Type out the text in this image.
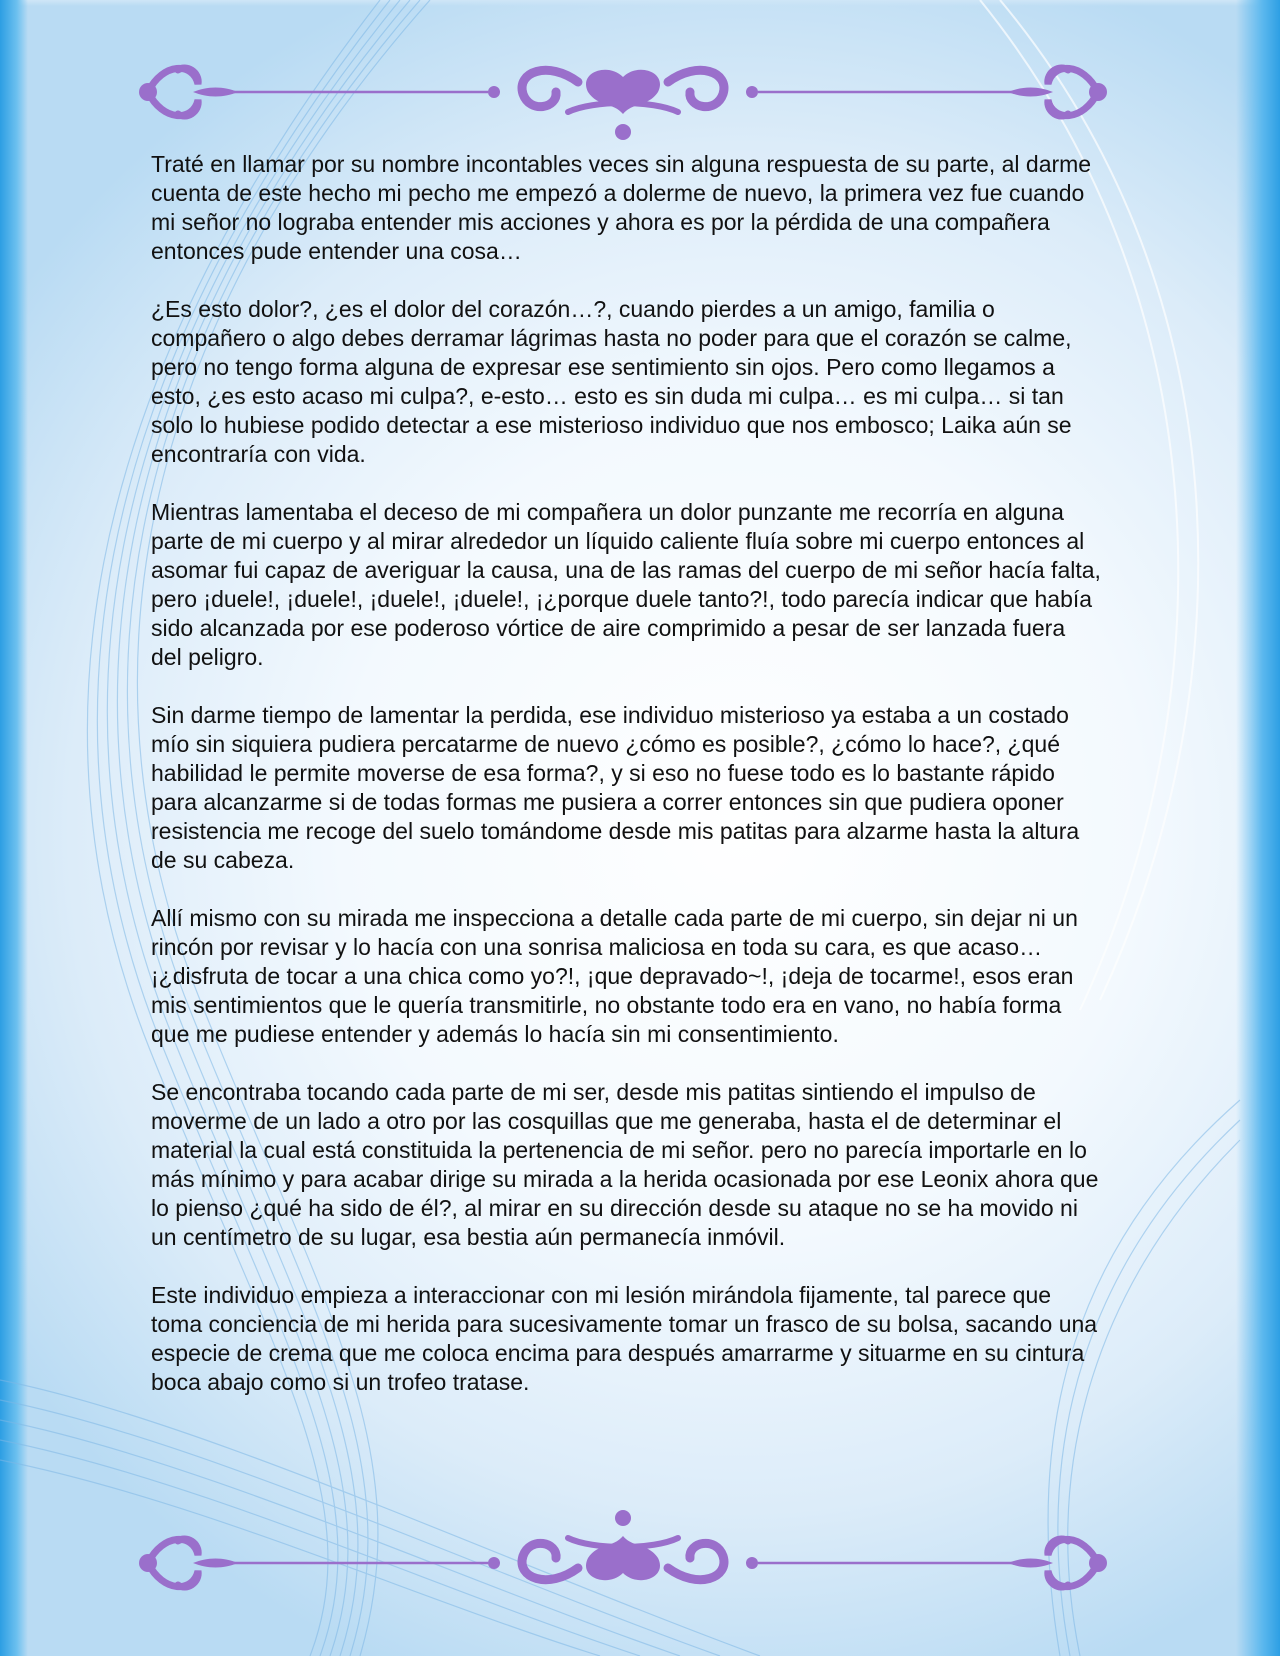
Traté en llamar por su nombre incontables veces sin alguna respuesta de su parte, al darme cuenta de este hecho mi pecho me empezó a dolerme de nuevo, la primera vez fue cuando mi señor no lograba entender mis acciones y ahora es por la pérdida de una compañera entonces pude entender una cosa…

¿Es esto dolor?, ¿es el dolor del corazón…?, cuando pierdes a un amigo, familia o compañero o algo debes derramar lágrimas hasta no poder para que el corazón se calme, pero no tengo forma alguna de expresar ese sentimiento sin ojos. Pero como llegamos a esto, ¿es esto acaso mi culpa?, e-esto… esto es sin duda mi culpa… es mi culpa… si tan solo lo hubiese podido detectar a ese misterioso individuo que nos embosco; Laika aún se encontraría con vida.

Mientras lamentaba el deceso de mi compañera un dolor punzante me recorría en alguna parte de mi cuerpo y al mirar alrededor un líquido caliente fluía sobre mi cuerpo entonces al asomar fui capaz de averiguar la causa, una de las ramas del cuerpo de mi señor hacía falta, pero ¡duele!, ¡duele!, ¡duele!, ¡duele!, ¡¿porque duele tanto?!, todo parecía indicar que había sido alcanzada por ese poderoso vórtice de aire comprimido a pesar de ser lanzada fuera del peligro.

Sin darme tiempo de lamentar la perdida, ese individuo misterioso ya estaba a un costado mío sin siquiera pudiera percatarme de nuevo ¿cómo es posible?, ¿cómo lo hace?, ¿qué habilidad le permite moverse de esa forma?, y si eso no fuese todo es lo bastante rápido para alcanzarme si de todas formas me pusiera a correr entonces sin que pudiera oponer resistencia me recoge del suelo tomándome desde mis patitas para alzarme hasta la altura de su cabeza.

Allí mismo con su mirada me inspecciona a detalle cada parte de mi cuerpo, sin dejar ni un rincón por revisar y lo hacía con una sonrisa maliciosa en toda su cara, es que acaso… ¡¿disfruta de tocar a una chica como yo?!, ¡que depravado~!, ¡deja de tocarme!, esos eran mis sentimientos que le quería transmitirle, no obstante todo era en vano, no había forma que me pudiese entender y además lo hacía sin mi consentimiento.

Se encontraba tocando cada parte de mi ser, desde mis patitas sintiendo el impulso de moverme de un lado a otro por las cosquillas que me generaba, hasta el de determinar el material la cual está constituida la pertenencia de mi señor. pero no parecía importarle en lo más mínimo y para acabar dirige su mirada a la herida ocasionada por ese Leonix ahora que lo pienso ¿qué ha sido de él?, al mirar en su dirección desde su ataque no se ha movido ni un centímetro de su lugar, esa bestia aún permanecía inmóvil.

Este individuo empieza a interaccionar con mi lesión mirándola fijamente, tal parece que toma conciencia de mi herida para sucesivamente tomar un frasco de su bolsa, sacando una especie de crema que me coloca encima para después amarrarme y situarme en su cintura boca abajo como si un trofeo tratase.
